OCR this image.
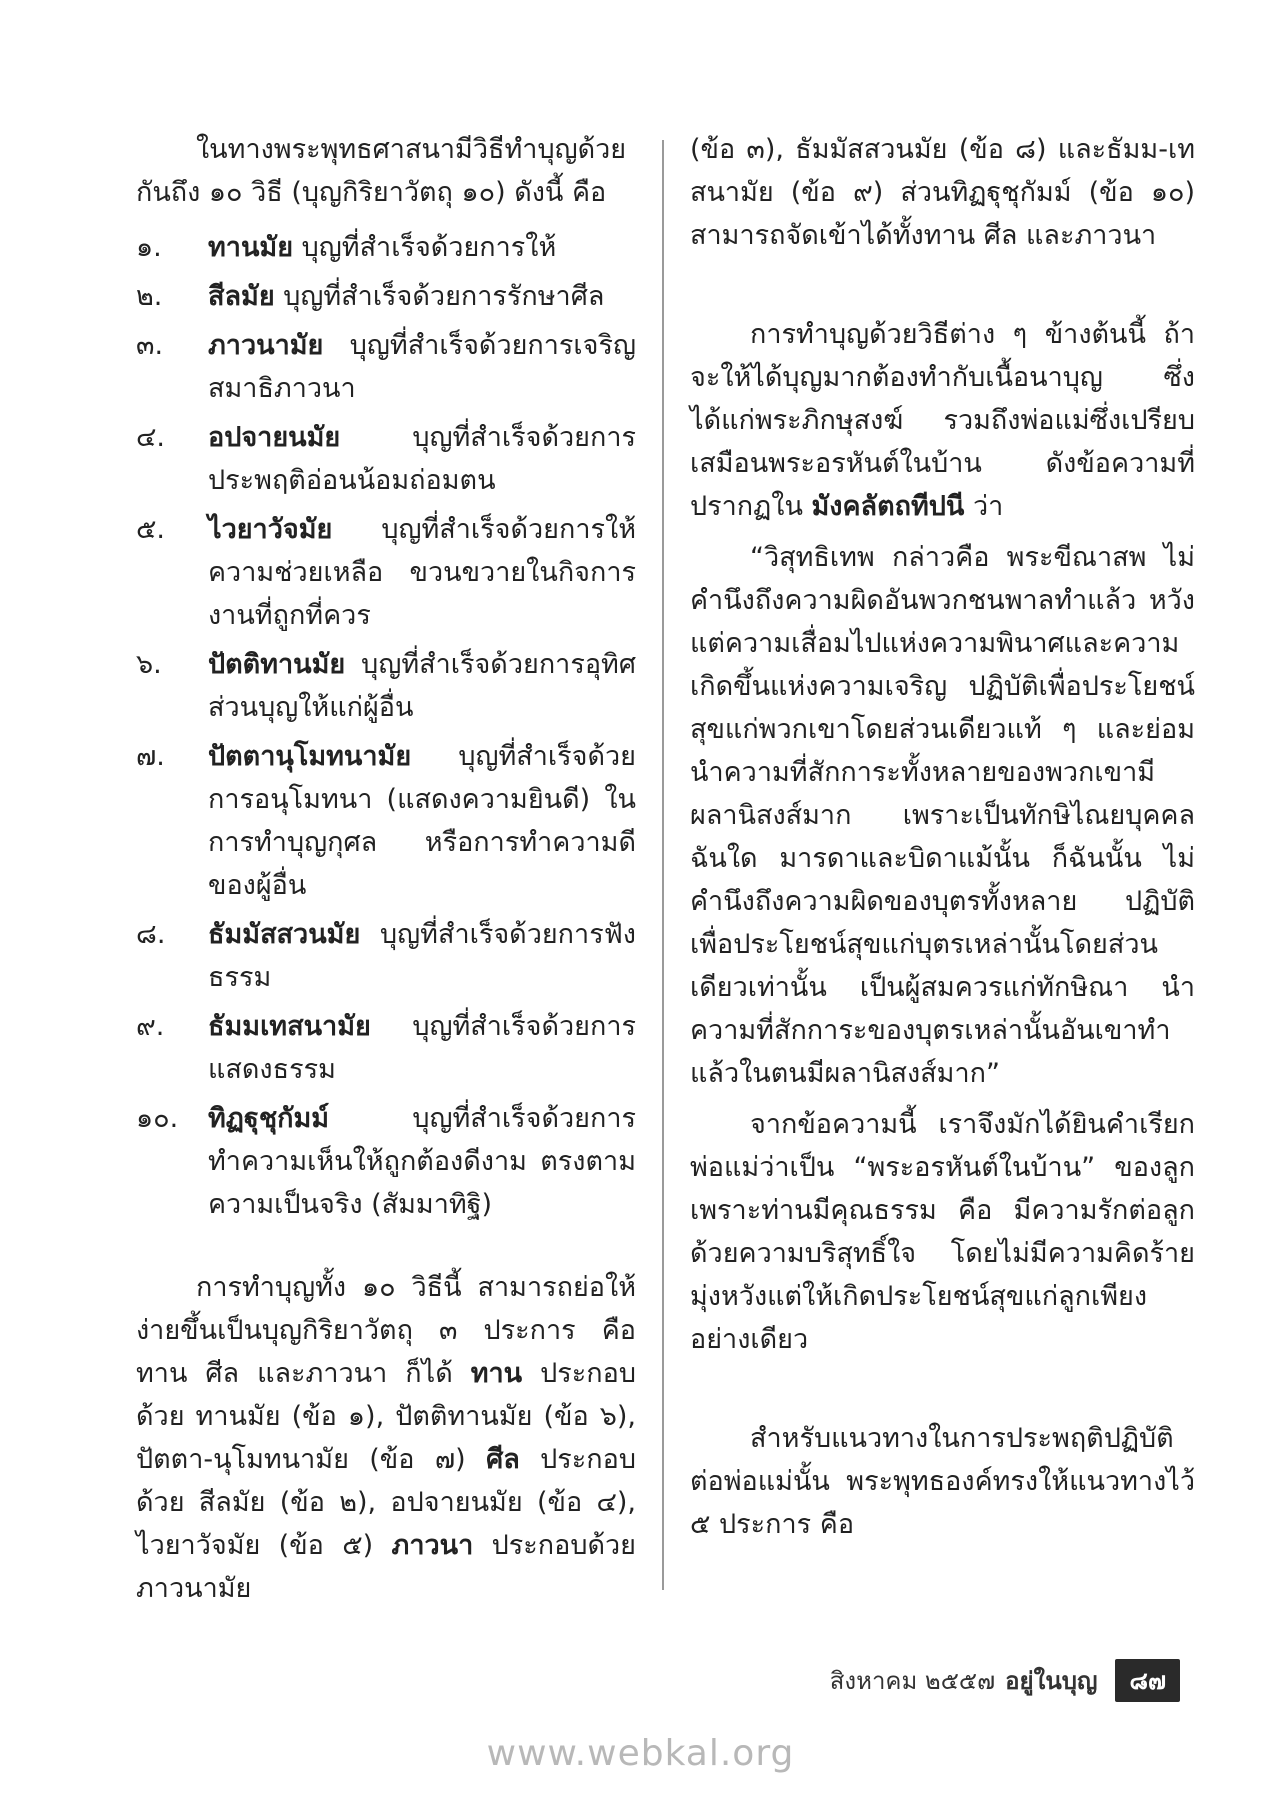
ในทางพระพุทธศาสนามีวิธีทำบุญด้วยกันถึง ๑๐ วิธี (บุญกิริยาวัตถุ ๑๐) ดังนี้ คือ

๑.	ทานมัย บุญที่สำเร็จด้วยการให้
๒.	สีลมัย บุญที่สำเร็จด้วยการรักษาศีล
๓.	ภาวนามัย บุญที่สำเร็จด้วยการเจริญสมาธิภาวนา
๔.	อปจายนมัย บุญที่สำเร็จด้วยการประพฤติอ่อนน้อมถ่อมตน
๕.	ไวยาวัจมัย บุญที่สำเร็จด้วยการให้ความช่วยเหลือ ขวนขวายในกิจการงานที่ถูกที่ควร
๖.	ปัตติทานมัย บุญที่สำเร็จด้วยการอุทิศส่วนบุญให้แก่ผู้อื่น
๗.	ปัตตานุโมทนามัย บุญที่สำเร็จด้วยการอนุโมทนา (แสดงความยินดี) ในการทำบุญกุศล หรือการทำความดีของผู้อื่น
๘.	ธัมมัสสวนมัย บุญที่สำเร็จด้วยการฟังธรรม
๙.	ธัมมเทสนามัย บุญที่สำเร็จด้วยการแสดงธรรม
๑๐.	ทิฏฐุชุกัมม์ บุญที่สำเร็จด้วยการทำความเห็นให้ถูกต้องดีงาม ตรงตามความเป็นจริง (สัมมาทิฐิ)

การทำบุญทั้ง ๑๐ วิธีนี้ สามารถย่อให้ง่ายขึ้นเป็นบุญกิริยาวัตถุ ๓ ประการ คือ ทาน ศีล และภาวนา ก็ได้ ทาน ประกอบด้วย ทานมัย (ข้อ ๑), ปัตติทานมัย (ข้อ ๖), ปัตตา-นุโมทนามัย (ข้อ ๗) ศีล ประกอบด้วย สีลมัย (ข้อ ๒), อปจายนมัย (ข้อ ๔), ไวยาวัจมัย (ข้อ ๕) ภาวนา ประกอบด้วย ภาวนามัย

(ข้อ ๓), ธัมมัสสวนมัย (ข้อ ๘) และธัมม-เทสนามัย (ข้อ ๙) ส่วนทิฏฐุชุกัมม์ (ข้อ ๑๐) สามารถจัดเข้าได้ทั้งทาน ศีล และภาวนา

การทำบุญด้วยวิธีต่าง ๆ ข้างต้นนี้ ถ้าจะให้ได้บุญมากต้องทำกับเนื้อนาบุญ ซึ่งได้แก่พระภิกษุสงฆ์ รวมถึงพ่อแม่ซึ่งเปรียบเสมือนพระอรหันต์ในบ้าน ดังข้อความที่ปรากฏใน มังคลัตถทีปนี ว่า

“วิสุทธิเทพ กล่าวคือ พระขีณาสพ ไม่คำนึงถึงความผิดอันพวกชนพาลทำแล้ว หวังแต่ความเสื่อมไปแห่งความพินาศและความเกิดขึ้นแห่งความเจริญ ปฏิบัติเพื่อประโยชน์สุขแก่พวกเขาโดยส่วนเดียวแท้ ๆ และย่อมนำความที่สักการะทั้งหลายของพวกเขามีผลานิสงส์มาก เพราะเป็นทักษิไณยบุคคล ฉันใด มารดาและบิดาแม้นั้น ก็ฉันนั้น ไม่คำนึงถึงความผิดของบุตรทั้งหลาย ปฏิบัติเพื่อประโยชน์สุขแก่บุตรเหล่านั้นโดยส่วนเดียวเท่านั้น เป็นผู้สมควรแก่ทักษิณา นำความที่สักการะของบุตรเหล่านั้นอันเขาทำแล้วในตนมีผลานิสงส์มาก”

จากข้อความนี้ เราจึงมักได้ยินคำเรียกพ่อแม่ว่าเป็น “พระอรหันต์ในบ้าน” ของลูก เพราะท่านมีคุณธรรม คือ มีความรักต่อลูกด้วยความบริสุทธิ์ใจ โดยไม่มีความคิดร้าย มุ่งหวังแต่ให้เกิดประโยชน์สุขแก่ลูกเพียงอย่างเดียว

สำหรับแนวทางในการประพฤติปฏิบัติต่อพ่อแม่นั้น พระพุทธองค์ทรงให้แนวทางไว้ ๕ ประการ คือ

สิงหาคม ๒๕๕๗ อยู่ในบุญ	๘๗
www.webkal.org
